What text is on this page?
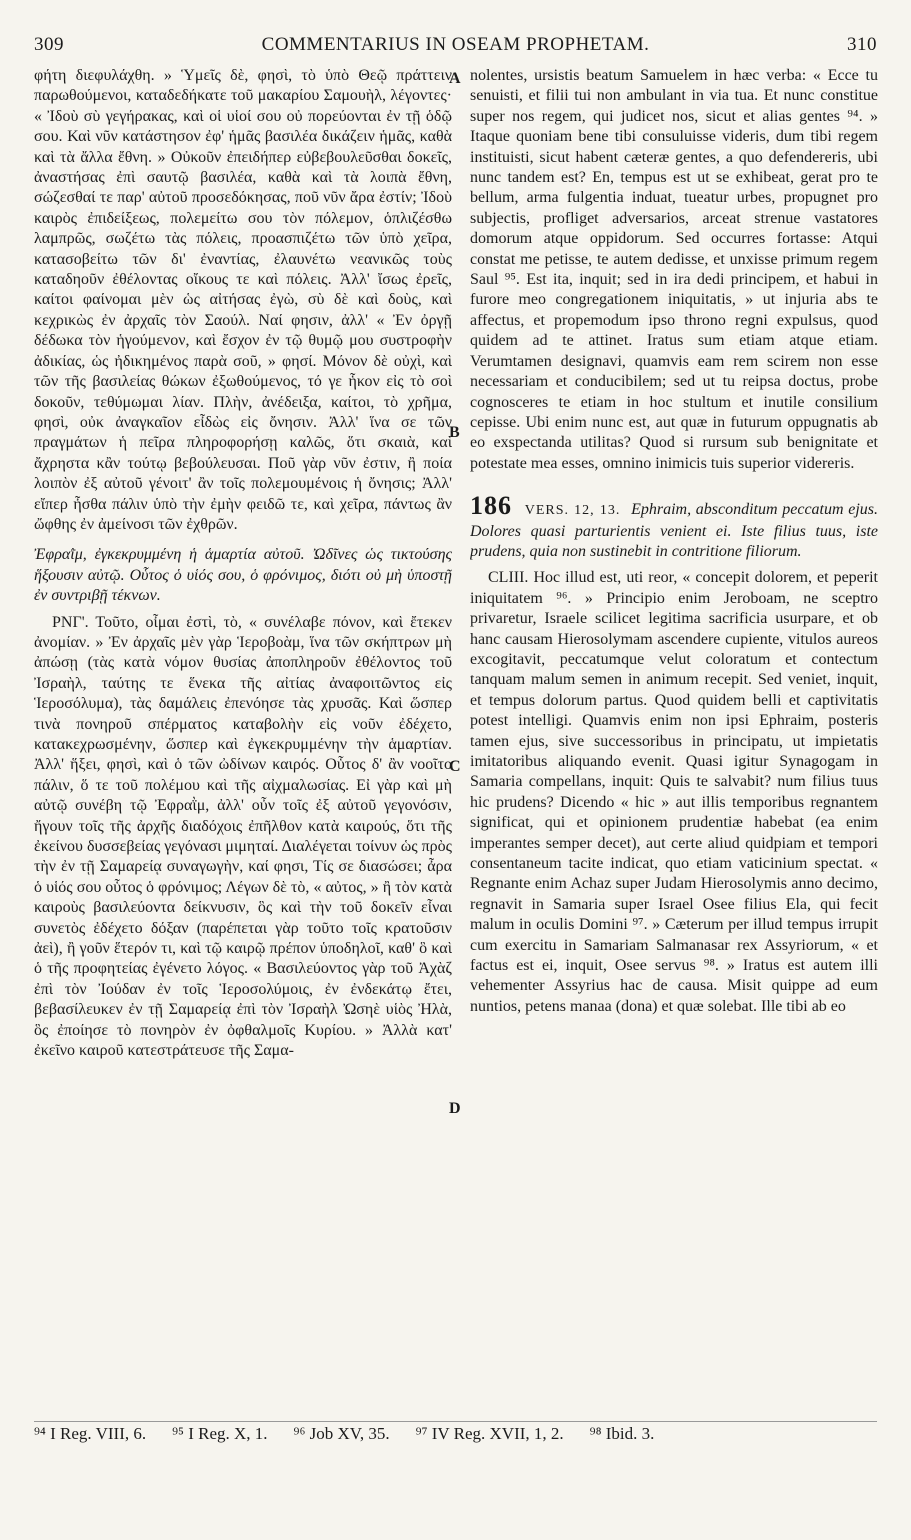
309	COMMENTARIUS IN OSEAM PROPHETAM.	310

φήτη διεφυλάχθη. » Ὑμεῖς δὲ, φησὶ, τὸ ὑπὸ Θεῷ πράττειν παρωθούμενοι, καταδεδήκατε τοῦ μακαρίου Σαμουὴλ, λέγοντες· « Ἰδοὺ σὺ γεγήρακας, καὶ οἱ υἱοί σου οὐ πορεύονται ἐν τῇ ὁδῷ σου. Καὶ νῦν κατάστησον ἐφ' ἡμᾶς βασιλέα δικάζειν ἡμᾶς, καθὰ καὶ τὰ ἄλλα ἔθνη. » Οὐκοῦν ἐπειδήπερ εὐβεβουλεῦσθαι δοκεῖς, ἀναστήσας ἐπὶ σαυτῷ βασιλέα, καθὰ καὶ τὰ λοιπὰ ἔθνη, σώζεσθαί τε παρ' αὐτοῦ προσεδόκησας, ποῦ νῦν ἄρα ἐστίν; Ἰδοὺ καιρὸς ἐπιδείξεως, πολεμείτω σου τὸν πόλεμον, ὁπλιζέσθω λαμπρῶς, σωζέτω τὰς πόλεις, προασπιζέτω τῶν ὑπὸ χεῖρα, κατασοβείτω τῶν δι' ἐναντίας, ἐλαυνέτω νεανικῶς τοὺς καταδηοῦν ἐθέλοντας οἴκους τε καὶ πόλεις. Ἀλλ' ἴσως ἐρεῖς, καίτοι φαίνομαι μὲν ὡς αἰτήσας ἐγὼ, σὺ δὲ καὶ δοὺς, καὶ κεχρικὼς ἐν ἀρχαῖς τὸν Σαούλ. Ναί φησιν, ἀλλ' « Ἐν ὀργῇ δέδωκα τὸν ἡγούμενον, καὶ ἔσχον ἐν τῷ θυμῷ μου συστροφὴν ἀδικίας, ὡς ἠδικημένος παρὰ σοῦ, » φησί. Μόνον δὲ οὐχὶ, καὶ τῶν τῆς βασιλείας θώκων ἐξωθούμενος, τό γε ἧκον εἰς τὸ σοὶ δοκοῦν, τεθύμωμαι λίαν. Πλὴν, ἀνέδειξα, καίτοι, τὸ χρῆμα, φησὶ, οὐκ ἀναγκαῖον εἶδὼς εἰς ὄνησιν. Ἀλλ' ἵνα σε τῶν πραγμάτων ἡ πεῖρα πληροφορήσῃ καλῶς, ὅτι σκαιὰ, καὶ ἄχρηστα κἂν τούτῳ βεβούλευσαι. Ποῦ γὰρ νῦν ἐστιν, ἢ ποία λοιπὸν ἐξ αὐτοῦ γένοιτ' ἂν τοῖς πολεμουμένοις ἡ ὄνησις; Ἀλλ' εἴπερ ἦσθα πάλιν ὑπὸ τὴν ἐμὴν φειδῶ τε, καὶ χεῖρα, πάντως ἂν ὤφθης ἐν ἀμείνοσι τῶν ἐχθρῶν.

Ἐφραῒμ, ἐγκεκρυμμένη ἡ ἁμαρτία αὐτοῦ. Ὠδῖνες ὡς τικτούσης ἥξουσιν αὐτῷ. Οὗτος ὁ υἱός σου, ὁ φρόνιμος, διότι οὐ μὴ ὑποστῇ ἐν συντριβῇ τέκνων.

ΡΝΓ'. Τοῦτο, οἶμαι ἐστὶ, τὸ, « συνέλαβε πόνον, καὶ ἔτεκεν ἀνομίαν. » Ἐν ἀρχαῖς μὲν γὰρ Ἱεροβοὰμ, ἵνα τῶν σκήπτρων μὴ ἀπώσῃ (τὰς κατὰ νόμον θυσίας ἀποπληροῦν ἐθέλοντος τοῦ Ἰσραὴλ, ταύτης τε ἕνεκα τῆς αἰτίας ἀναφοιτῶντος εἰς Ἱεροσόλυμα), τὰς δαμάλεις ἐπενόησε τὰς χρυσᾶς. Καὶ ὥσπερ τινὰ πονηροῦ σπέρματος καταβολὴν εἰς νοῦν ἐδέχετο, κατακεχρωσμένην, ὥσπερ καὶ ἐγκεκρυμμένην τὴν ἁμαρτίαν. Ἀλλ' ἥξει, φησὶ, καὶ ὁ τῶν ὠδίνων καιρός. Οὗτος δ' ἂν νοοῖτο πάλιν, ὅ τε τοῦ πολέμου καὶ τῆς αἰχμαλωσίας. Εἰ γὰρ καὶ μὴ αὐτῷ συνέβη τῷ Ἐφραῒμ, ἀλλ' οὖν τοῖς ἐξ αὐτοῦ γεγονόσιν, ἤγουν τοῖς τῆς ἀρχῆς διαδόχοις ἐπῆλθον κατὰ καιρούς, ὅτι τῆς ἐκείνου δυσσεβείας γεγόνασι μιμηταί. Διαλέγεται τοίνυν ὡς πρὸς τὴν ἐν τῇ Σαμαρείᾳ συναγωγὴν, καί φησι, Τίς σε διασώσει; ἆρα ὁ υἱός σου οὗτος ὁ φρόνιμος; Λέγων δὲ τὸ, « αὐτος, » ἢ τὸν κατὰ καιροὺς βασιλεύοντα δείκνυσιν, ὃς καὶ τὴν τοῦ δοκεῖν εἶναι συνετὸς ἐδέχετο δόξαν (παρέπεται γὰρ τοῦτο τοῖς κρατοῦσιν ἀεὶ), ἢ γοῦν ἕτερόν τι, καὶ τῷ καιρῷ πρέπον ὑποδηλοῖ, καθ' ὃ καὶ ὁ τῆς προφητείας ἐγένετο λόγος. « Βασιλεύοντος γὰρ τοῦ Ἀχὰζ ἐπὶ τὸν Ἰούδαν ἐν τοῖς Ἱεροσολύμοις, ἐν ἐνδεκάτῳ ἔτει, βεβασίλευκεν ἐν τῇ Σαμαρείᾳ ἐπὶ τὸν Ἰσραὴλ Ὠσηὲ υἱὸς Ἠλὰ, ὃς ἐποίησε τὸ πονηρὸν ἐν ὀφθαλμοῖς Κυρίου. » Ἀλλὰ κατ' ἐκεῖνο καιροῦ κατεστράτευσε τῆς Σαμα-

A
B
C
D

nolentes, ursistis beatum Samuelem in hæc verba: « Ecce tu senuisti, et filii tui non ambulant in via tua. Et nunc constitue super nos regem, qui judicet nos, sicut et alias gentes ⁹⁴. » Itaque quoniam bene tibi consuluisse videris, dum tibi regem instituisti, sicut habent cæteræ gentes, a quo defendereris, ubi nunc tandem est? En, tempus est ut se exhibeat, gerat pro te bellum, arma fulgentia induat, tueatur urbes, propugnet pro subjectis, profliget adversarios, arceat strenue vastatores domorum atque oppidorum. Sed occurres fortasse: Atqui constat me petisse, te autem dedisse, et unxisse primum regem Saul ⁹⁵. Est ita, inquit; sed in ira dedi principem, et habui in furore meo congregationem iniquitatis, » ut injuria abs te affectus, et propemodum ipso throno regni expulsus, quod quidem ad te attinet. Iratus sum etiam atque etiam. Verumtamen designavi, quamvis eam rem scirem non esse necessariam et conducibilem; sed ut tu reipsa doctus, probe cognosceres te etiam in hoc stultum et inutile consilium cepisse. Ubi enim nunc est, aut quæ in futurum oppugnatis ab eo exspectanda utilitas? Quod si rursum sub benignitate et potestate mea esses, omnino inimicis tuis superior videreris.

186 VERS. 12, 13. Ephraim, absconditum peccatum ejus. Dolores quasi parturientis venient ei. Iste filius tuus, iste prudens, quia non sustinebit in contritione filiorum.

CLIII. Hoc illud est, uti reor, « concepit dolorem, et peperit iniquitatem ⁹⁶. » Principio enim Jeroboam, ne sceptro privaretur, Israele scilicet legitima sacrificia usurpare, et ob hanc causam Hierosolymam ascendere cupiente, vitulos aureos excogitavit, peccatumque velut coloratum et contectum tanquam malum semen in animum recepit. Sed veniet, inquit, et tempus dolorum partus. Quod quidem belli et captivitatis potest intelligi. Quamvis enim non ipsi Ephraim, posteris tamen ejus, sive successoribus in principatu, ut impietatis imitatoribus aliquando evenit. Quasi igitur Synagogam in Samaria compellans, inquit: Quis te salvabit? num filius tuus hic prudens? Dicendo « hic » aut illis temporibus regnantem significat, qui et opinionem prudentiæ habebat (ea enim imperantes semper decet), aut certe aliud quidpiam et tempori consentaneum tacite indicat, quo etiam vaticinium spectat. « Regnante enim Achaz super Judam Hierosolymis anno decimo, regnavit in Samaria super Israel Osee filius Ela, qui fecit malum in oculis Domini ⁹⁷. » Cæterum per illud tempus irrupit cum exercitu in Samariam Salmanasar rex Assyriorum, « et factus est ei, inquit, Osee servus ⁹⁸. » Iratus est autem illi vehementer Assyrius hac de causa. Misit quippe ad eum nuntios, petens manaa (dona) et quæ solebat. Ille tibi ab eo

⁹⁴ I Reg. VIII, 6. ⁹⁵ I Reg. X, 1. ⁹⁶ Job XV, 35. ⁹⁷ IV Reg. XVII, 1, 2. ⁹⁸ Ibid. 3.
